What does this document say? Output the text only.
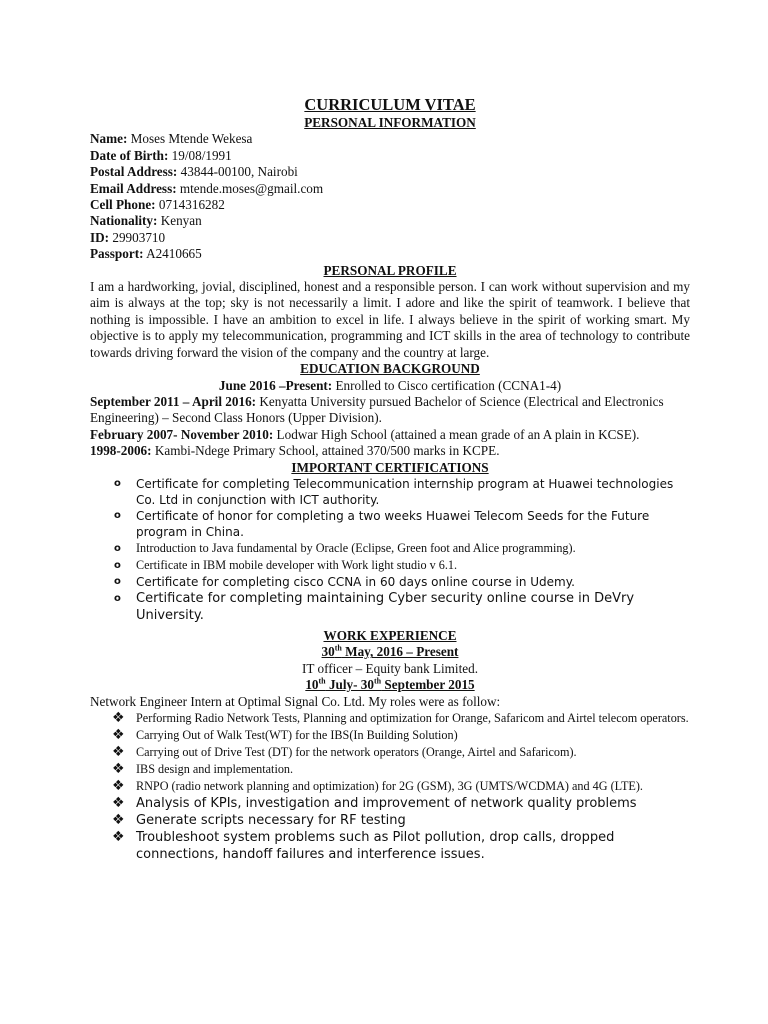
CURRICULUM VITAE
PERSONAL INFORMATION
Name: Moses Mtende Wekesa
Date of Birth: 19/08/1991
Postal Address: 43844-00100, Nairobi
Email Address: mtende.moses@gmail.com
Cell Phone: 0714316282
Nationality: Kenyan
ID: 29903710
Passport: A2410665
PERSONAL PROFILE
I am a hardworking, jovial, disciplined, honest and a responsible person. I can work without supervision and my aim is always at the top; sky is not necessarily a limit. I adore and like the spirit of teamwork. I believe that nothing is impossible. I have an ambition to excel in life. I always believe in the spirit of working smart. My objective is to apply my telecommunication, programming and ICT skills in the area of technology to contribute towards driving forward the vision of the company and the country at large.
EDUCATION BACKGROUND
June 2016 –Present: Enrolled to Cisco certification (CCNA1-4)
September 2011 – April 2016: Kenyatta University pursued Bachelor of Science (Electrical and Electronics Engineering) – Second Class Honors (Upper Division).
February 2007- November 2010: Lodwar High School (attained a mean grade of an A plain in KCSE).
1998-2006: Kambi-Ndege Primary School, attained 370/500 marks in KCPE.
IMPORTANT CERTIFICATIONS
o Certificate for completing Telecommunication internship program at Huawei technologies Co. Ltd in conjunction with ICT authority.
o Certificate of honor for completing a two weeks Huawei Telecom Seeds for the Future program in China.
o Introduction to Java fundamental by Oracle (Eclipse, Green foot and Alice programming).
o Certificate in IBM mobile developer with Work light studio v 6.1.
o Certificate for completing cisco CCNA in 60 days online course in Udemy.
o Certificate for completing maintaining Cyber security online course in DeVry University.
WORK EXPERIENCE
30th May, 2016 – Present
IT officer – Equity bank Limited.
10th July- 30th September 2015
Network Engineer Intern at Optimal Signal Co. Ltd. My roles were as follow:
❖ Performing Radio Network Tests, Planning and optimization for Orange, Safaricom and Airtel telecom operators.
❖ Carrying Out of Walk Test(WT) for the IBS(In Building Solution)
❖ Carrying out of Drive Test (DT) for the network operators (Orange, Airtel and Safaricom).
❖ IBS design and implementation.
❖ RNPO (radio network planning and optimization) for 2G (GSM), 3G (UMTS/WCDMA) and 4G (LTE).
❖ Analysis of KPIs, investigation and improvement of network quality problems
❖ Generate scripts necessary for RF testing
❖ Troubleshoot system problems such as Pilot pollution, drop calls, dropped connections, handoff failures and interference issues.
